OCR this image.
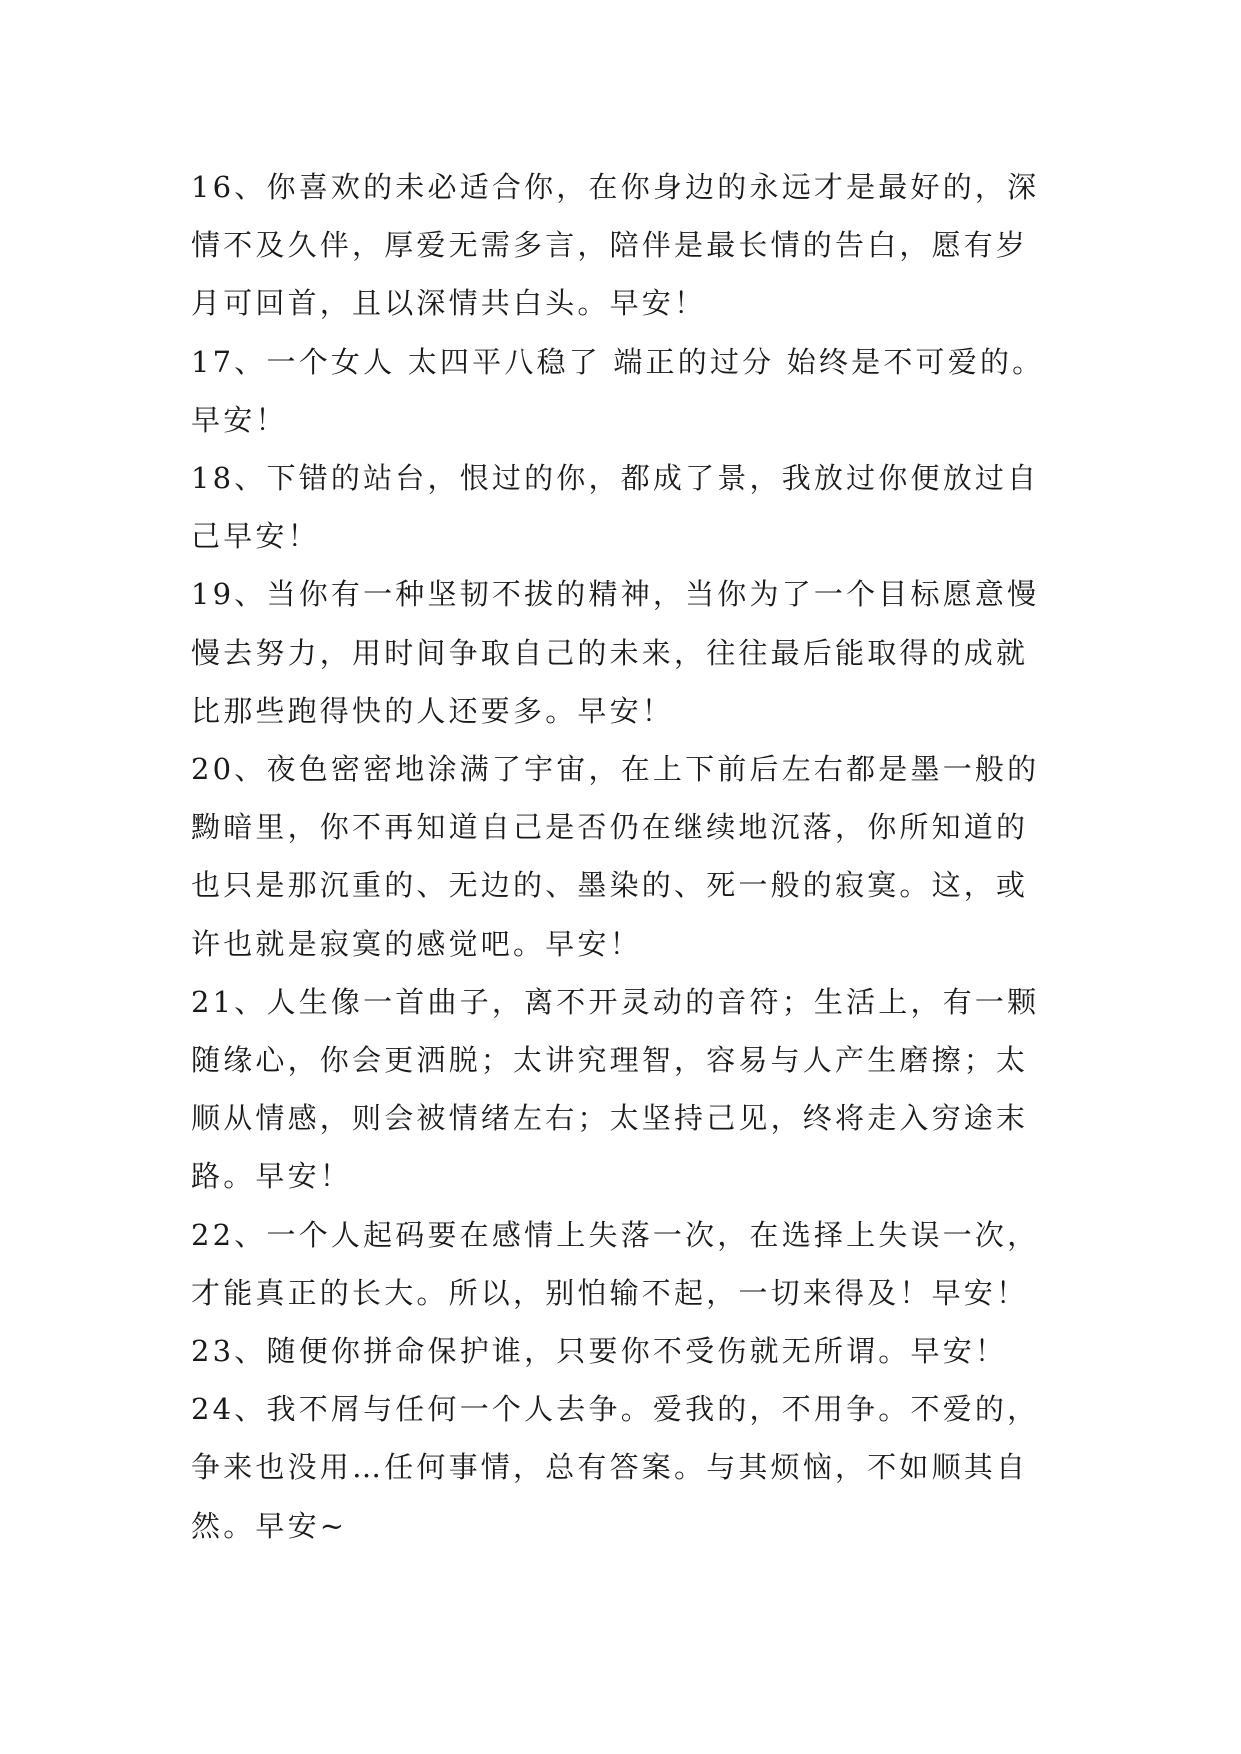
16、你喜欢的未必适合你，在你身边的永远才是最好的，深
情不及久伴，厚爱无需多言，陪伴是最长情的告白，愿有岁
月可回首，且以深情共白头。早安！

17、一个女人 太四平八稳了 端正的过分 始终是不可爱的。
早安！

18、下错的站台，恨过的你，都成了景，我放过你便放过自
己早安！

19、当你有一种坚韧不拔的精神，当你为了一个目标愿意慢
慢去努力，用时间争取自己的未来，往往最后能取得的成就
比那些跑得快的人还要多。早安！

20、夜色密密地涂满了宇宙，在上下前后左右都是墨一般的
黝暗里，你不再知道自己是否仍在继续地沉落，你所知道的
也只是那沉重的、无边的、墨染的、死一般的寂寞。这，或
许也就是寂寞的感觉吧。早安！

21、人生像一首曲子，离不开灵动的音符；生活上，有一颗
随缘心，你会更洒脱；太讲究理智，容易与人产生磨擦；太
顺从情感，则会被情绪左右；太坚持己见，终将走入穷途末
路。早安！

22、一个人起码要在感情上失落一次，在选择上失误一次，
才能真正的长大。所以，别怕输不起，一切来得及！早安！

23、随便你拼命保护谁，只要你不受伤就无所谓。早安！

24、我不屑与任何一个人去争。爱我的，不用争。不爱的，
争来也没用…任何事情，总有答案。与其烦恼，不如顺其自
然。早安~
